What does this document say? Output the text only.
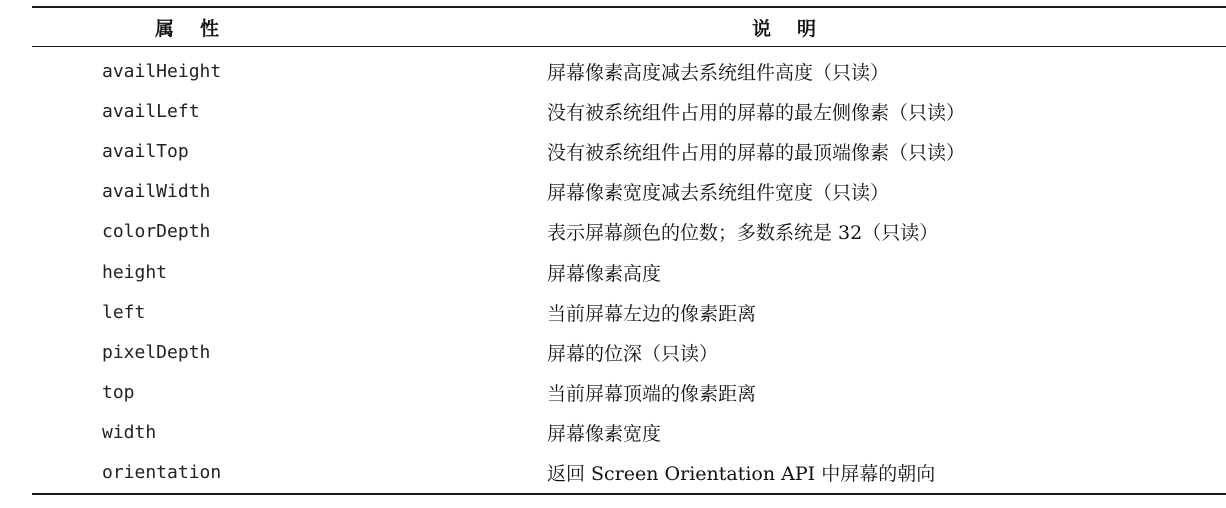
属性	说明
availHeight	屏幕像素高度减去系统组件高度（只读）
availLeft	没有被系统组件占用的屏幕的最左侧像素（只读）
availTop	没有被系统组件占用的屏幕的最顶端像素（只读）
availWidth	屏幕像素宽度减去系统组件宽度（只读）
colorDepth	表示屏幕颜色的位数；多数系统是 32（只读）
height	屏幕像素高度
left	当前屏幕左边的像素距离
pixelDepth	屏幕的位深（只读）
top	当前屏幕顶端的像素距离
width	屏幕像素宽度
orientation	返回 Screen Orientation API 中屏幕的朝向
